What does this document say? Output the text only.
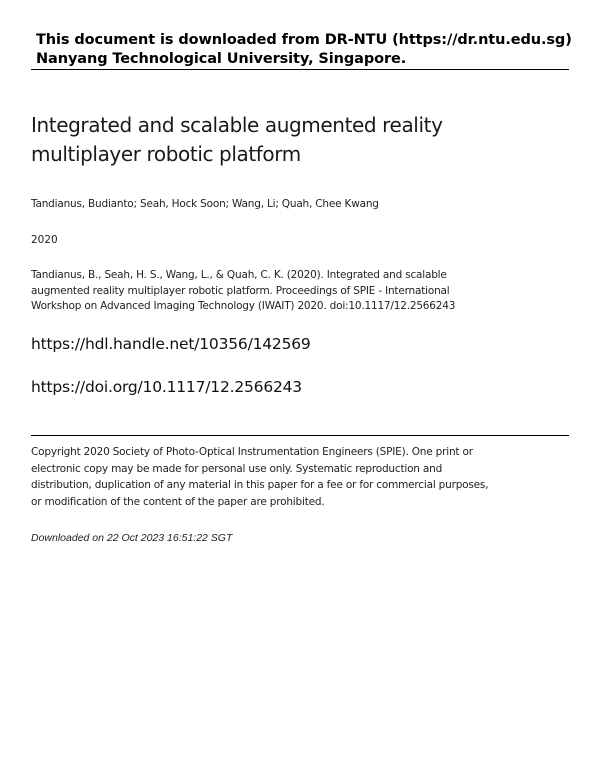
This document is downloaded from DR-NTU (https://dr.ntu.edu.sg)
Nanyang Technological University, Singapore.
Integrated and scalable augmented reality
multiplayer robotic platform
Tandianus, Budianto; Seah, Hock Soon; Wang, Li; Quah, Chee Kwang
2020
Tandianus, B., Seah, H. S., Wang, L., & Quah, C. K. (2020). Integrated and scalable
augmented reality multiplayer robotic platform. Proceedings of SPIE - International
Workshop on Advanced Imaging Technology (IWAIT) 2020. doi:10.1117/12.2566243
https://hdl.handle.net/10356/142569
https://doi.org/10.1117/12.2566243
Copyright 2020 Society of Photo-Optical Instrumentation Engineers (SPIE). One print or
electronic copy may be made for personal use only. Systematic reproduction and
distribution, duplication of any material in this paper for a fee or for commercial purposes,
or modification of the content of the paper are prohibited.
Downloaded on 22 Oct 2023 16:51:22 SGT
